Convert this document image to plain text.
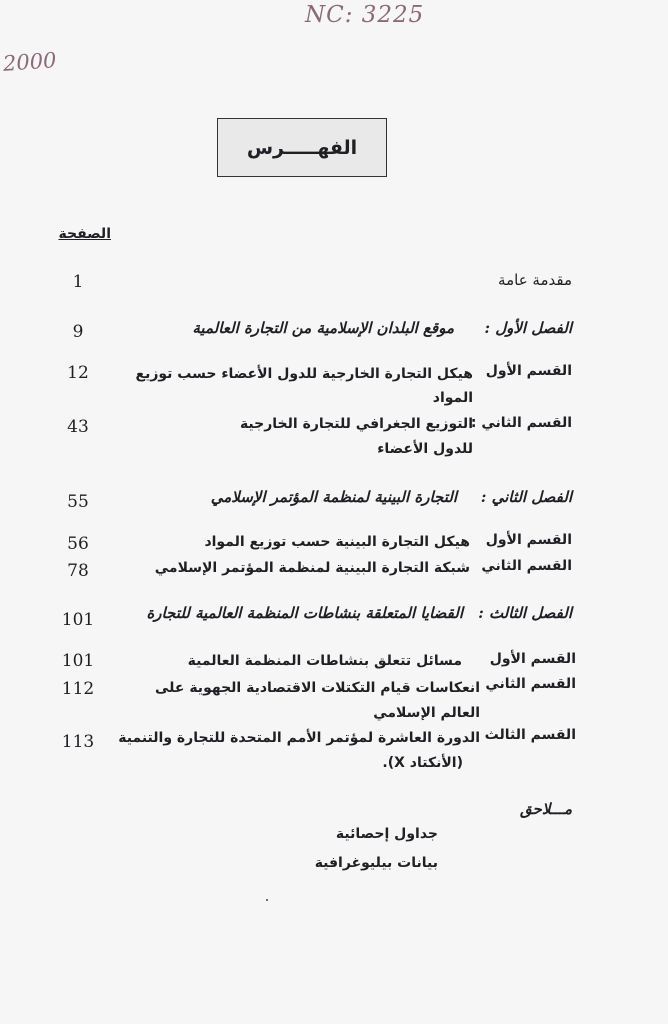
NC: 3225
2000
الفهـــــرس
الصفحة
مقدمة عامة
1
الفصل الأول :
موقع البلدان الإسلامية من التجارة العالمية
9
القسم الأول
هيكل التجارة الخارجية للدول الأعضاء حسب توزيع
المواد
12
القسم الثاني :
التوزيع الجغرافي للتجارة الخارجية
للدول الأعضاء
43
الفصل الثاني :
التجارة البينية لمنظمة المؤتمر الإسلامي
55
القسم الأول
هيكل التجارة البينية حسب توزيع المواد
56
القسم الثاني
شبكة التجارة البينية لمنظمة المؤتمر الإسلامي
78
الفصل الثالث :
القضايا المتعلقة بنشاطات المنظمة العالمية للتجارة
101
القسم الأول
مسائل تتعلق بنشاطات المنظمة العالمية
101
القسم الثاني
انعكاسات قيام التكتلات الاقتصادية الجهوية على
العالم الإسلامي
112
القسم الثالث
الدورة العاشرة لمؤتمر الأمم المتحدة للتجارة والتنمية
(الأنكتاد X).
113
مـــلاحق
جداول إحصائية
بيانات بيليوغرافية
